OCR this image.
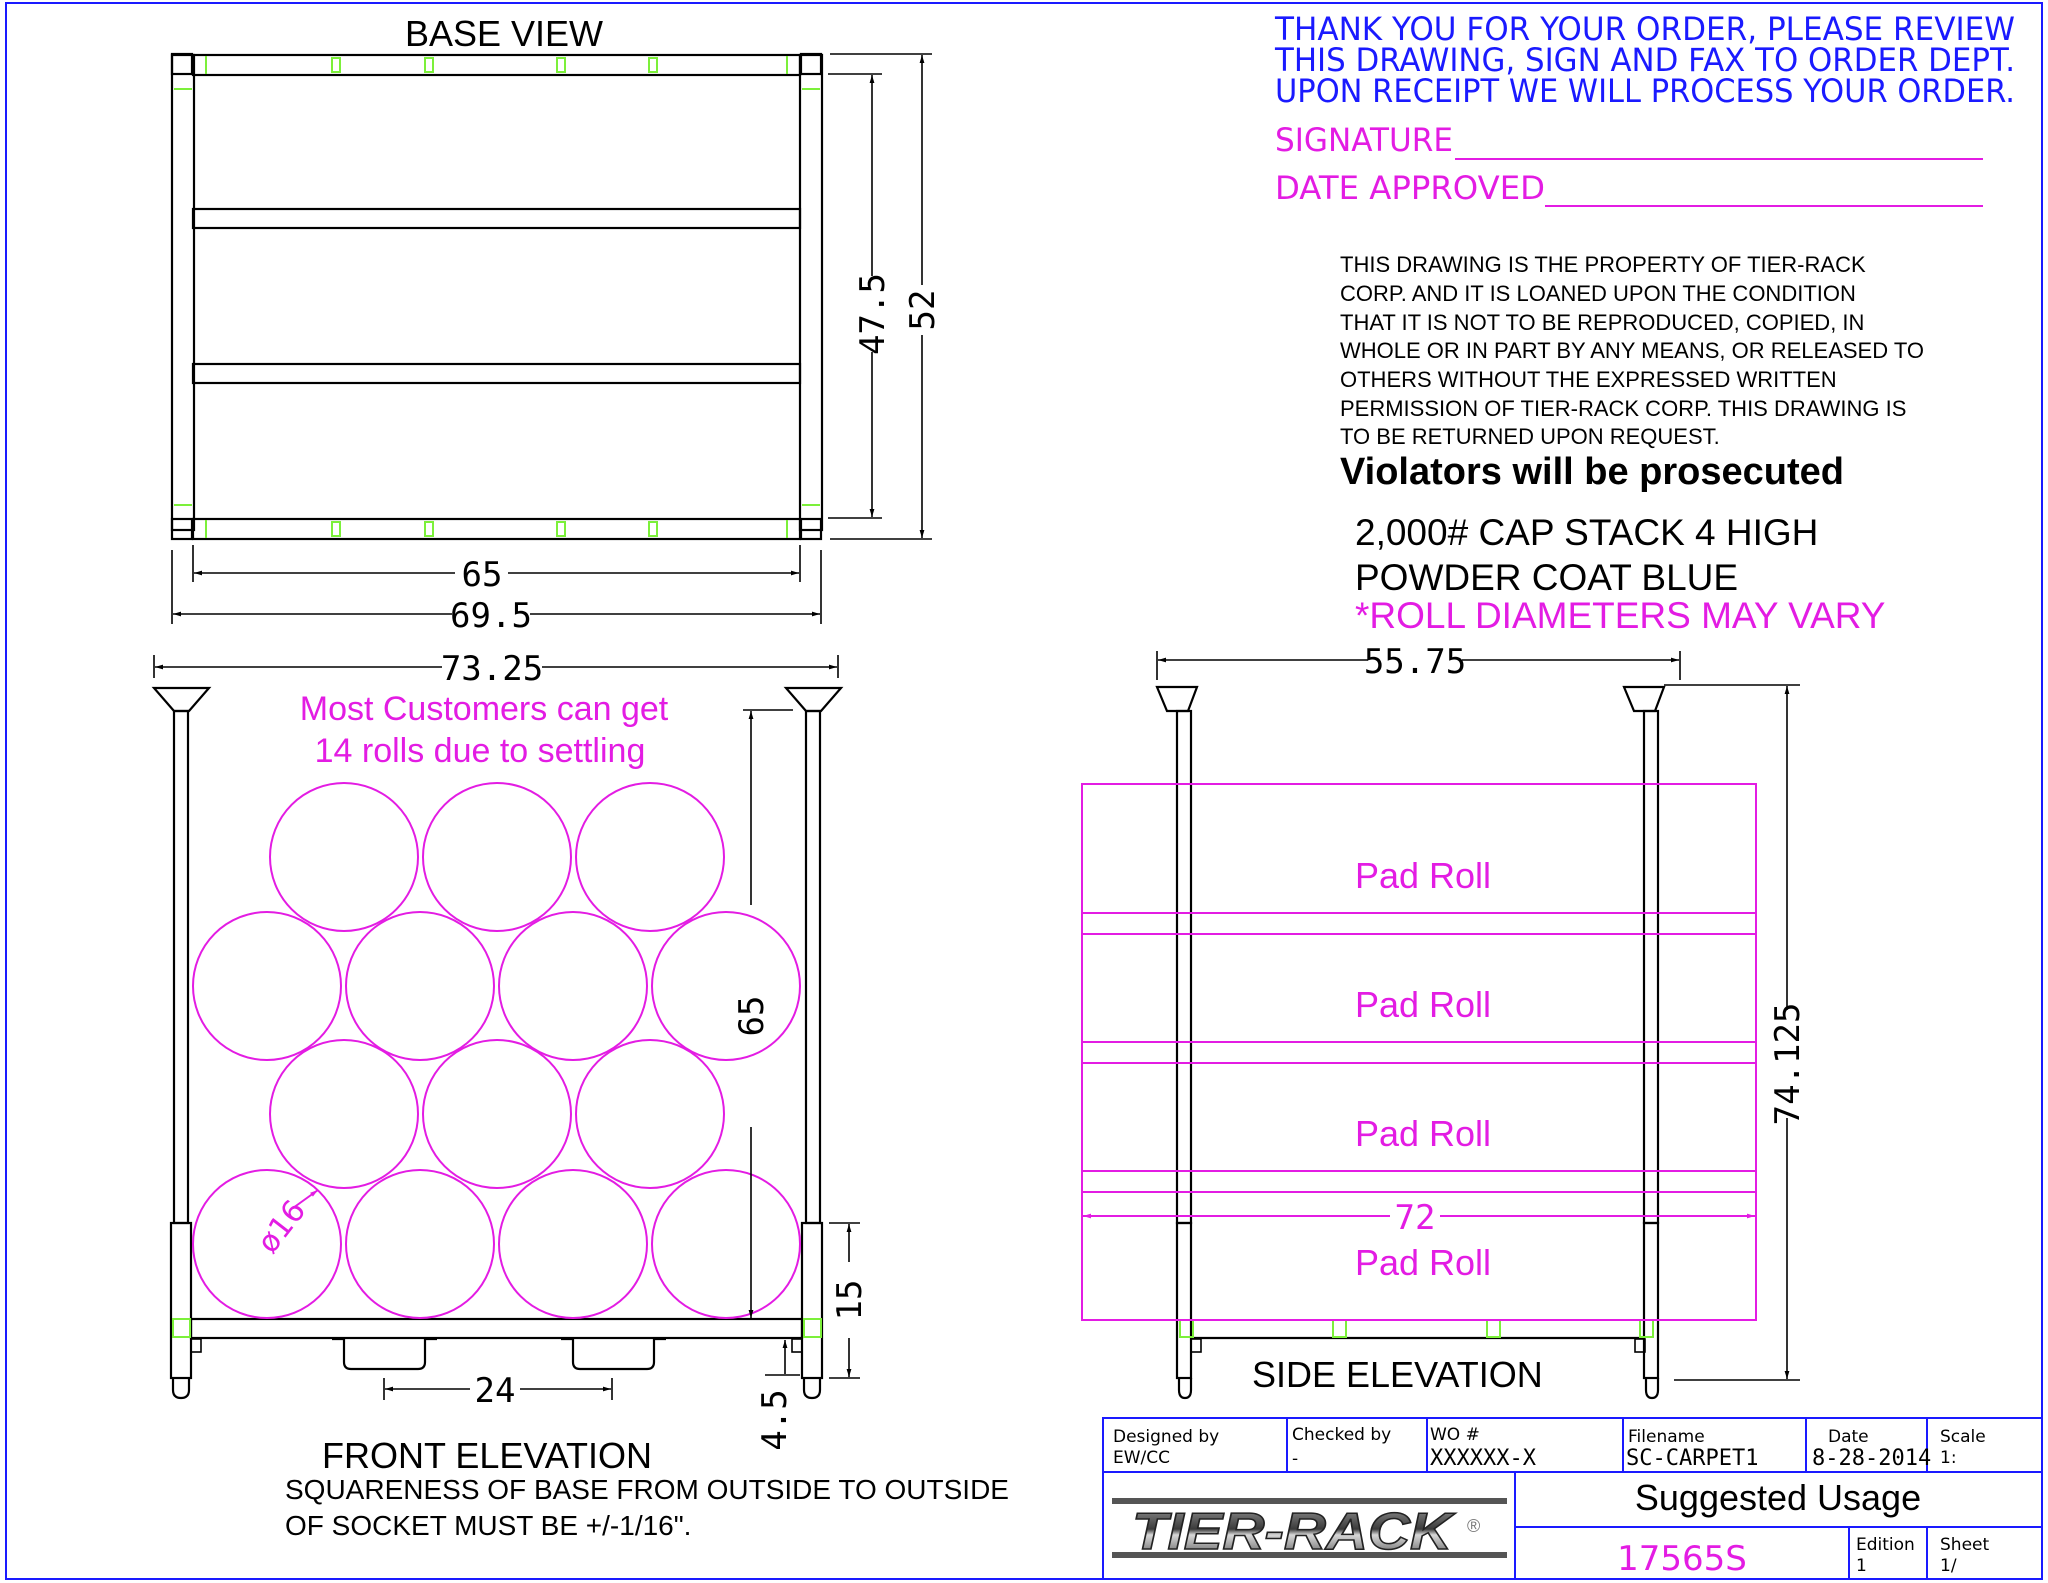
BASE VIEW
65
69.5
47.5 52
THANK YOU FOR YOUR ORDER, PLEASE REVIEW
THIS DRAWING, SIGN AND FAX TO ORDER DEPT.
UPON RECEIPT WE WILL PROCESS YOUR ORDER.
SIGNATURE
DATE APPROVED
THIS DRAWING IS THE PROPERTY OF TIER-RACK
CORP. AND IT IS LOANED UPON THE CONDITION
THAT IT IS NOT TO BE REPRODUCED, COPIED, IN
WHOLE OR IN PART BY ANY MEANS, OR RELEASED TO
OTHERS WITHOUT THE EXPRESSED WRITTEN
PERMISSION OF TIER-RACK CORP. THIS DRAWING IS
TO BE RETURNED UPON REQUEST.
Violators will be prosecuted
2,000# CAP STACK 4 HIGH
POWDER COAT BLUE
*ROLL DIAMETERS MAY VARY
73.25
ø16
Most Customers can get
14 rolls due to settling
65
15
24	4.5
FRONT ELEVATION
SQUARENESS OF BASE FROM OUTSIDE TO OUTSIDE
OF SOCKET MUST BE +/-1/16".
55.75
Pad Roll
Pad Roll
Pad Roll
Pad Roll
72
74.125
SIDE ELEVATION
Designed by
EW/CC
Checked by
-
WO #
XXXXXX-X
Filename
SC-CARPET1
Date
8-28-2014
Scale
1:
TIER-RACK ®
Suggested Usage
17565S	Edition
1
Sheet
1/
